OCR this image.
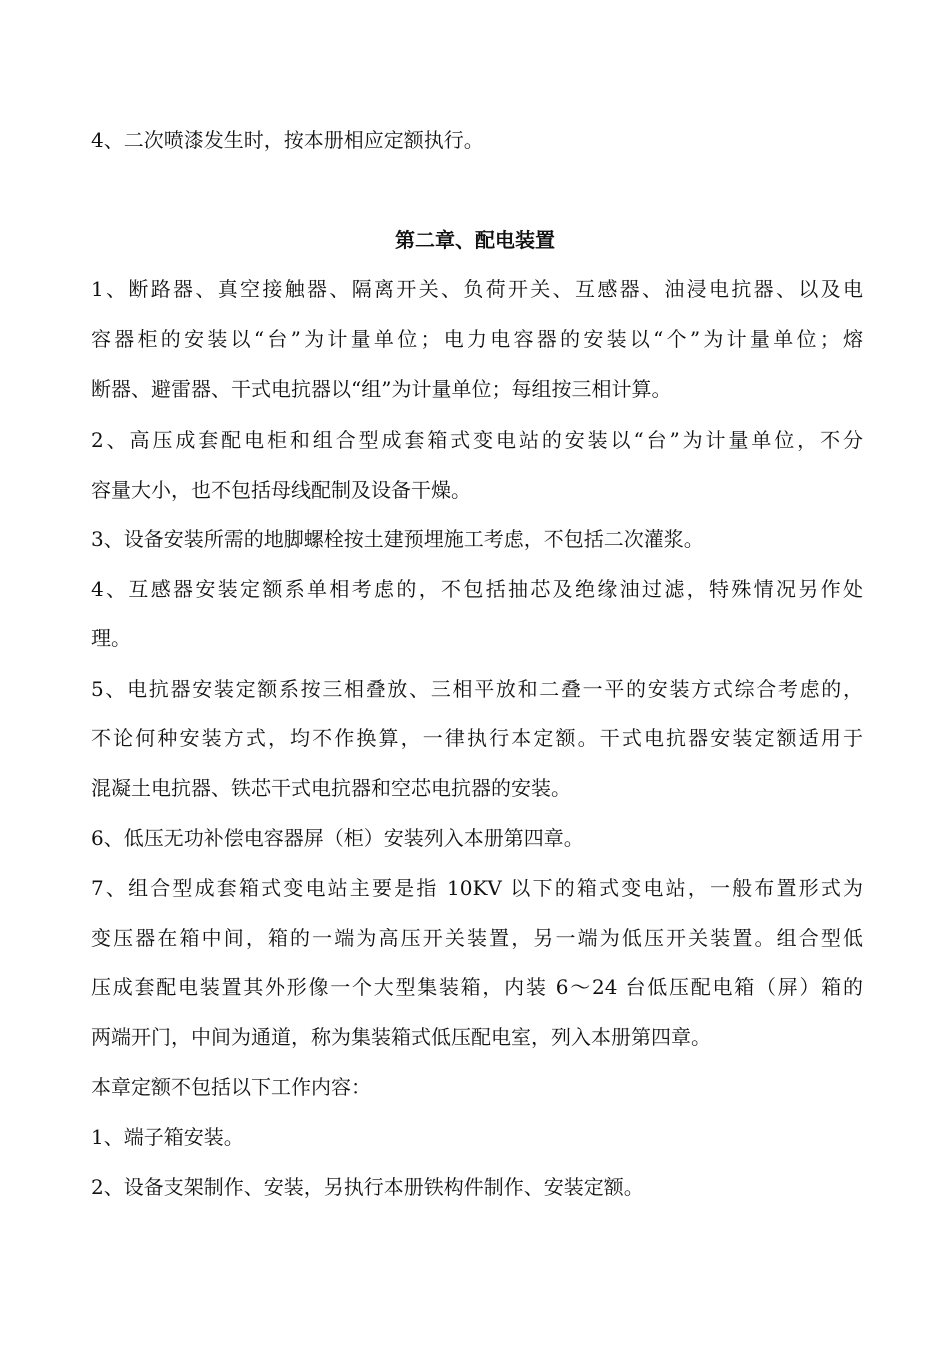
4、二次喷漆发生时，按本册相应定额执行。
第二章、配电装置
1、断路器、真空接触器、隔离开关、负荷开关、互感器、油浸电抗器、以及电
容器柜的安装以“台”为计量单位；电力电容器的安装以“个”为计量单位；熔
断器、避雷器、干式电抗器以“组”为计量单位；每组按三相计算。
2、高压成套配电柜和组合型成套箱式变电站的安装以“台”为计量单位，不分
容量大小，也不包括母线配制及设备干燥。
3、设备安装所需的地脚螺栓按土建预埋施工考虑，不包括二次灌浆。
4、互感器安装定额系单相考虑的，不包括抽芯及绝缘油过滤，特殊情况另作处
理。
5、电抗器安装定额系按三相叠放、三相平放和二叠一平的安装方式综合考虑的，
不论何种安装方式，均不作换算，一律执行本定额。干式电抗器安装定额适用于
混凝土电抗器、铁芯干式电抗器和空芯电抗器的安装。
6、低压无功补偿电容器屏（柜）安装列入本册第四章。
7、组合型成套箱式变电站主要是指 10KV 以下的箱式变电站，一般布置形式为
变压器在箱中间，箱的一端为高压开关装置，另一端为低压开关装置。组合型低
压成套配电装置其外形像一个大型集装箱，内装 6～24 台低压配电箱（屏）箱的
两端开门，中间为通道，称为集装箱式低压配电室，列入本册第四章。
本章定额不包括以下工作内容：
1、端子箱安装。
2、设备支架制作、安装，另执行本册铁构件制作、安装定额。
